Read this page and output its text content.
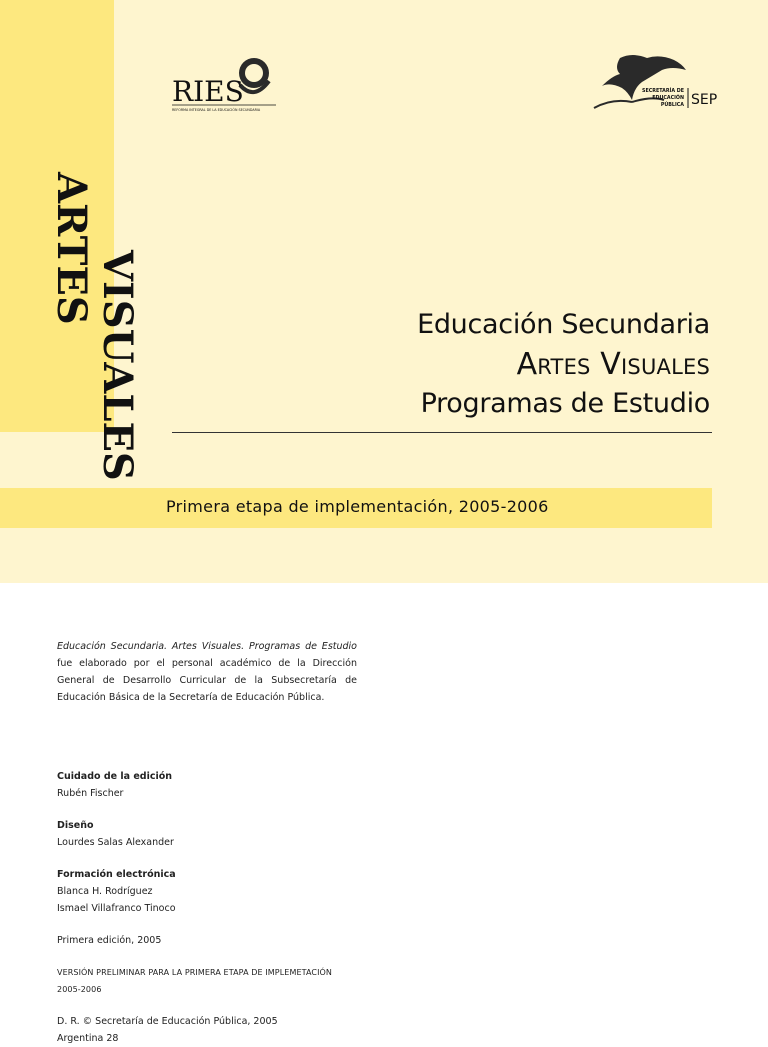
ARTES
VISUALES
RIES
REFORMA INTEGRAL DE LA EDUCACIÓN SECUNDARIA
SECRETARÍA DE
EDUCACIÓN
PÚBLICA SEP
Educación Secundaria
Artes Visuales
Programas de Estudio
Primera etapa de implementación, 2005-2006

Educación Secundaria. Artes Visuales. Programas de Estudio fue elaborado por el personal académico de la Dirección General de Desarrollo Curricular de la Subsecretaría de Educación Básica de la Secretaría de Educación Pública.

Cuidado de la edición

Rubén Fischer

Diseño

Lourdes Salas Alexander

Formación electrónica

Blanca H. Rodríguez

Ismael Villafranco Tinoco

Primera edición, 2005

VERSIÓN PRELIMINAR PARA LA PRIMERA ETAPA DE IMPLEMETACIÓN 2005-2006

D. R. © Secretaría de Educación Pública, 2005

Argentina 28
